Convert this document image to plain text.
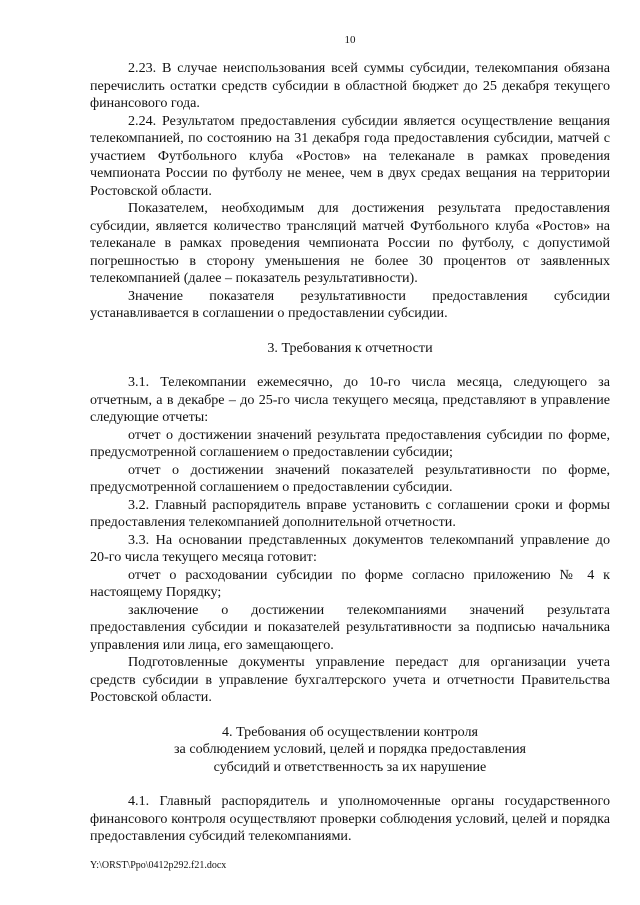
10

2.23. В случае неиспользования всей суммы субсидии, телекомпания обязана перечислить остатки средств субсидии в областной бюджет до 25 декабря текущего финансового года.

2.24. Результатом предоставления субсидии является осуществление вещания телекомпанией, по состоянию на 31 декабря года предоставления субсидии, матчей с участием Футбольного клуба «Ростов» на телеканале в рамках проведения чемпионата России по футболу не менее, чем в двух средах вещания на территории Ростовской области.

Показателем, необходимым для достижения результата предоставления субсидии, является количество трансляций матчей Футбольного клуба «Ростов» на телеканале в рамках проведения чемпионата России по футболу, с допустимой погрешностью в сторону уменьшения не более 30 процентов от заявленных телекомпанией (далее – показатель результативности).

Значение показателя результативности предоставления субсидии устанавливается в соглашении о предоставлении субсидии.

3. Требования к отчетности

3.1. Телекомпании ежемесячно, до 10-го числа месяца, следующего за отчетным, а в декабре – до 25-го числа текущего месяца, представляют в управление следующие отчеты:

отчет о достижении значений результата предоставления субсидии по форме, предусмотренной соглашением о предоставлении субсидии;

отчет о достижении значений показателей результативности по форме, предусмотренной соглашением о предоставлении субсидии.

3.2. Главный распорядитель вправе установить с соглашении сроки и формы предоставления телекомпанией дополнительной отчетности.

3.3. На основании представленных документов телекомпаний управление до 20-го числа текущего месяца готовит:

отчет о расходовании субсидии по форме согласно приложению № 4 к настоящему Порядку;

заключение о достижении телекомпаниями значений результата предоставления субсидии и показателей результативности за подписью начальника управления или лица, его замещающего.

Подготовленные документы управление передаст для организации учета средств субсидии в управление бухгалтерского учета и отчетности Правительства Ростовской области.

4. Требования об осуществлении контроля
за соблюдением условий, целей и порядка предоставления
субсидий и ответственность за их нарушение

4.1. Главный распорядитель и уполномоченные органы государственного финансового контроля осуществляют проверки соблюдения условий, целей и порядка предоставления субсидий телекомпаниями.

Y:\ORST\Ppo\0412p292.f21.docx
